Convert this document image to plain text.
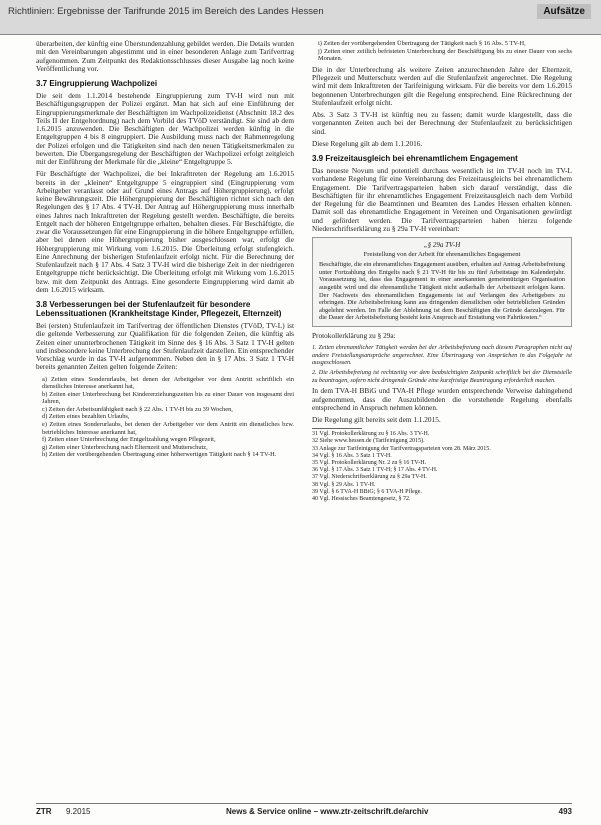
Richtlinien: Ergebnisse der Tarifrunde 2015 im Bereich des Landes Hessen	Aufsätze

überarbeiten, der künftig eine Überstundenzahlung gebildet werden. Die Details wurden mit den Vereinbarungen abgestimmt und in einer besonderen Anlage zum Tarifvertrag aufgenommen. Zum Zeitpunkt des Redaktionsschlusses dieser Ausgabe lag noch keine Veröffentlichung vor.

3.7 Eingruppierung Wachpolizei

Die seit dem 1.1.2014 bestehende Eingruppierung zum TV-H wird nun mit Beschäftigungsgruppen der Polizei ergänzt. Man hat sich auf eine Einführung der Eingruppierungsmerkmale der Beschäftigten im Wachpolizeidienst (Abschnitt 18.2 des Teils II der Entgeltordnung) nach dem Vorbild des TVöD verständigt. Sie sind ab dem 1.6.2015 anzuwenden. Die Beschäftigten der Wachpolizei werden künftig in die Entgeltgruppen 4 bis 8 eingruppiert. Die Ausbildung muss nach der Rahmenregelung der Polizei erfolgen und die Tätigkeiten sind nach den neuen Tätigkeitsmerkmalen zu bewerten. Die Übergangsregelung der Beschäftigten der Wachpolizei erfolgt zeitgleich mit der Einführung der Merkmale für die „kleine“ Entgeltgruppe 5.

Für Beschäftigte der Wachpolizei, die bei Inkrafttreten der Regelung am 1.6.2015 bereits in der „kleinen“ Entgeltgruppe 5 eingruppiert sind (Eingruppierung vom Arbeitgeber veranlasst oder auf Grund eines Antrags auf Höhergruppierung), erfolgt keine Bewährungszeit. Die Höhergruppierung der Beschäftigten richtet sich nach den Regelungen des § 17 Abs. 4 TV-H. Der Antrag auf Höhergruppierung muss innerhalb eines Jahres nach Inkrafttreten der Regelung gestellt werden. Beschäftigte, die bereits Entgelt nach der höheren Entgeltgruppe erhalten, behalten dieses. Für Beschäftigte, die zwar die Voraussetzungen für eine Eingruppierung in die höhere Entgeltgruppe erfüllen, aber bei denen eine Höhergruppierung bisher ausgeschlossen war, erfolgt die Höhergruppierung mit Wirkung vom 1.6.2015. Die Überleitung erfolgt stufengleich. Eine Anrechnung der bisherigen Stufenlaufzeit erfolgt nicht. Für die Berechnung der Stufenlaufzeit nach § 17 Abs. 4 Satz 3 TV-H wird die bisherige Zeit in der niedrigeren Entgeltgruppe nicht berücksichtigt. Die Überleitung erfolgt mit Wirkung vom 1.6.2015 bzw. mit dem Zeitpunkt des Antrags. Eine gesonderte Eingruppierung wird damit ab dem 1.6.2015 wirksam.

3.8 Verbesserungen bei der Stufenlaufzeit für besondere Lebenssituationen (Krankheitstage Kinder, Pflegezeit, Elternzeit)

Bei (ersten) Stufenlaufzeit im Tarifvertrag der öffentlichen Dienstes (TVöD, TV-L) ist die geltende Verbesserung zur Qualifikation für die folgenden Zeiten, die künftig als Zeiten einer ununterbrochenen Tätigkeit im Sinne des § 16 Abs. 3 Satz 1 TV-H gelten und insbesondere keine Unterbrechung der Stufenlaufzeit darstellen. Ein entsprechender Vorschlag wurde in das TV-H aufgenommen. Neben den in § 17 Abs. 3 Satz 1 TV-H bereits genannten Zeiten gelten folgende Zeiten:

a) Zeiten eines Sonderurlaubs, bei denen der Arbeitgeber vor dem Antritt schriftlich ein dienstliches Interesse anerkannt hat,
b) Zeiten einer Unterbrechung bei Kindererziehungszeiten bis zu einer Dauer von insgesamt drei Jahren,
c) Zeiten der Arbeitsunfähigkeit nach § 22 Abs. 1 TV-H bis zu 39 Wochen,
d) Zeiten eines bezahlten Urlaubs,
e) Zeiten eines Sonderurlaubs, bei denen der Arbeitgeber vor dem Antritt ein dienstliches bzw. betriebliches Interesse anerkannt hat,
f) Zeiten einer Unterbrechung der Entgeltzahlung wegen Pflegezeit,
g) Zeiten einer Unterbrechung nach Elternzeit und Mutterschutz,
h) Zeiten der vorübergehenden Übertragung einer höherwertigen Tätigkeit nach § 14 TV-H.
i) Zeiten der vorübergehenden Übertragung der Tätigkeit nach § 16 Abs. 5 TV-H,
j) Zeiten einer zeitlich befristeten Unterbrechung der Beschäftigung bis zu einer Dauer von sechs Monaten.

Die in der Unterbrechung als weitere Zeiten anzurechnenden Jahre der Elternzeit, Pflegezeit und Mutterschutz werden auf die Stufenlaufzeit angerechnet. Die Regelung wird mit dem Inkrafttreten der Tarifeinigung wirksam. Für die bereits vor dem 1.6.2015 begonnenen Unterbrechungen gilt die Regelung entsprechend. Eine Rückrechnung der Stufenlaufzeit erfolgt nicht.

Abs. 3 Satz 3 TV-H ist künftig neu zu fassen; damit wurde klargestellt, dass die vorgenannten Zeiten auch bei der Berechnung der Stufenlaufzeit zu berücksichtigen sind.

Diese Regelung gilt ab dem 1.1.2016.

3.9 Freizeitausgleich bei ehrenamtlichem Engagement

Das neueste Novum und potentiell durchaus wesentlich ist im TV-H noch im TV-L vorhandene Regelung für eine Vereinbarung des Freizeitausgleichs bei ehrenamtlichem Engagement. Die Tarifvertragsparteien haben sich darauf verständigt, dass die Beschäftigten für ihr ehrenamtliches Engagement Freizeitausgleich nach dem Vorbild der Regelung für die Beamtinnen und Beamten des Landes Hessen erhalten können. Damit soll das ehrenamtliche Engagement in Vereinen und Organisationen gewürdigt und gefördert werden. Die Tarifvertragsparteien haben hierzu folgende Niederschriftserklärung zu § 29a TV-H vereinbart:

„§ 29a TV-H
Freistellung von der Arbeit für ehrenamtliches Engagement
Beschäftigte, die ein ehrenamtliches Engagement ausüben, erhalten auf Antrag Arbeitsbefreiung unter Fortzahlung des Entgelts nach § 21 TV-H für bis zu fünf Arbeitstage im Kalenderjahr. Voraussetzung ist, dass das Engagement in einer anerkannten gemeinnützigen Organisation ausgeübt wird und die ehrenamtliche Tätigkeit nicht außerhalb der Arbeitszeit erfolgen kann. Der Nachweis des ehrenamtlichen Engagements ist auf Verlangen des Arbeitgebers zu erbringen. Die Arbeitsbefreiung kann aus dringenden dienstlichen oder betrieblichen Gründen abgelehnt werden. Im Falle der Ablehnung ist dem Beschäftigten die Gründe darzulegen. Für die Dauer der Arbeitsbefreiung besteht kein Anspruch auf Erstattung von Fahrtkosten.“

Protokollerklärung zu § 29a:

1. Zeiten ehrenamtlicher Tätigkeit werden bei der Arbeitsbefreiung nach diesem Paragraphen nicht auf andere Freistellungsansprüche angerechnet. Eine Übertragung von Ansprüchen in das Folgejahr ist ausgeschlossen.

2. Die Arbeitsbefreiung ist rechtzeitig vor dem beabsichtigten Zeitpunkt schriftlich bei der Dienststelle zu beantragen, sofern nicht dringende Gründe eine kurzfristige Beantragung erforderlich machen.

In dem TVA-H BBiG und TVA-H Pflege wurden entsprechende Verweise dahingehend aufgenommen, dass die Auszubildenden die vorstehende Regelung ebenfalls entsprechend in Anspruch nehmen können.

Die Regelung gilt bereits seit dem 1.1.2015.

31 Vgl. Protokollerklärung zu § 16 Abs. 3 TV-H.
32 Siehe www.hessen.de (Tarifeinigung 2015).
33 Anlage zur Tarifeinigung der Tarifvertragsparteien vom 28. März 2015.
34 Vgl. § 16 Abs. 3 Satz 1 TV-H.
35 Vgl. Protokollerklärung Nr. 2 zu § 16 TV-H.
36 Vgl. § 17 Abs. 3 Satz 1 TV-H; § 17 Abs. 4 TV-H.
37 Vgl. Niederschriftserklärung zu § 29a TV-H.
38 Vgl. § 29 Abs. 1 TV-H.
39 Vgl. § 6 TVA-H BBiG; § 6 TVA-H Pflege.
40 Vgl. Hessisches Beamtengesetz, § 72.
ZTR 9.2015	News & Service online – www.ztr-zeitschrift.de/archiv	493
